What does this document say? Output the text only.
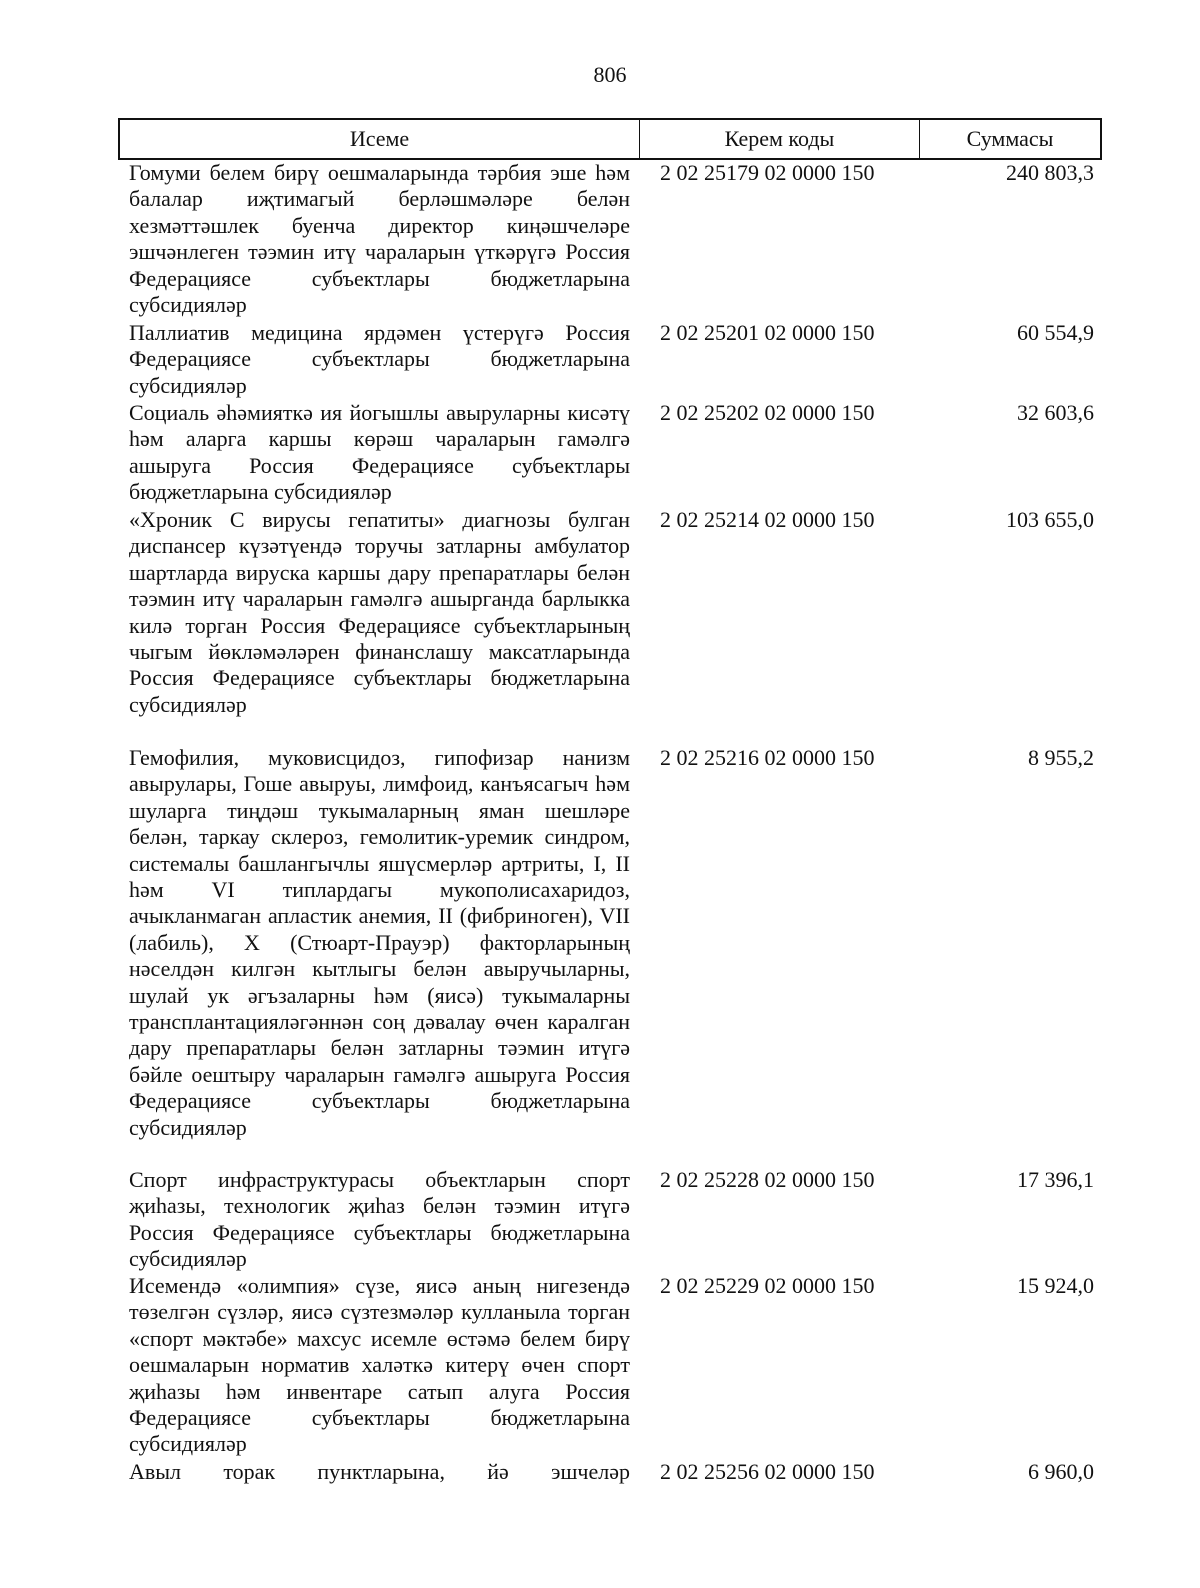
806
Исеме	Керем коды	Суммасы
Гомуми белем бирү оешмаларында тәрбия эше һәм балалар иҗтимагый берләшмәләре белән хезмәттәшлек буенча директор киңәшчеләре эшчәнлеген тәэмин итү чараларын үткәрүгә Россия Федерациясе субъектлары бюджетларына субсидияләр
2 02 25179 02 0000 150	240 803,3
Паллиатив медицина ярдәмен үстерүгә Россия Федерациясе субъектлары бюджетларына субсидияләр
2 02 25201 02 0000 150	60 554,9
Социаль әһәмияткә ия йогышлы авыруларны кисәтү һәм аларга каршы көрәш чараларын гамәлгә ашыруга Россия Федерациясе субъектлары бюджетларына субсидияләр
2 02 25202 02 0000 150	32 603,6
«Хроник С вирусы гепатиты» диагнозы булган диспансер күзәтүендә торучы затларны амбулатор шартларда вируска каршы дару препаратлары белән тәэмин итү чараларын гамәлгә ашырганда барлыкка килә торган Россия Федерациясе субъектларының чыгым йөкләмәләрен финанслашу максатларында Россия Федерациясе субъектлары бюджетларына субсидияләр
2 02 25214 02 0000 150	103 655,0
Гемофилия, муковисцидоз, гипофизар нанизм авырулары, Гоше авыруы, лимфоид, канъясагыч һәм шуларга тиңдәш тукымаларның яман шешләре белән, таркау склероз, гемолитик-уремик синдром, системалы башлангычлы яшүсмерләр артриты, I, II һәм VI типлардагы мукополисахаридоз, ачыкланмаган апластик анемия, II (фибриноген), VII (лабиль), X (Стюарт-Прауэр) факторларының нәселдән килгән кытлыгы белән авыручыларны, шулай ук әгъзаларны һәм (яисә) тукымаларны трансплантацияләгәннән соң дәвалау өчен каралган дару препаратлары белән затларны тәэмин итүгә бәйле оештыру чараларын гамәлгә ашыруга Россия Федерациясе субъектлары бюджетларына субсидияләр
2 02 25216 02 0000 150	8 955,2
Спорт инфраструктурасы объектларын спорт җиһазы, технологик җиһаз белән тәэмин итүгә Россия Федерациясе субъектлары бюджетларына субсидияләр
2 02 25228 02 0000 150	17 396,1
Исемендә «олимпия» сүзе, яисә аның нигезендә төзелгән сүзләр, яисә сүзтезмәләр кулланыла торган «спорт мәктәбе» махсус исемле өстәмә белем бирү оешмаларын норматив халәткә китерү өчен спорт җиһазы һәм инвентаре сатып алуга Россия Федерациясе субъектлары бюджетларына субсидияләр
2 02 25229 02 0000 150	15 924,0
Авыл торак пунктларына, йә эшчеләр 2 02 25256 02 0000 150	6 960,0
